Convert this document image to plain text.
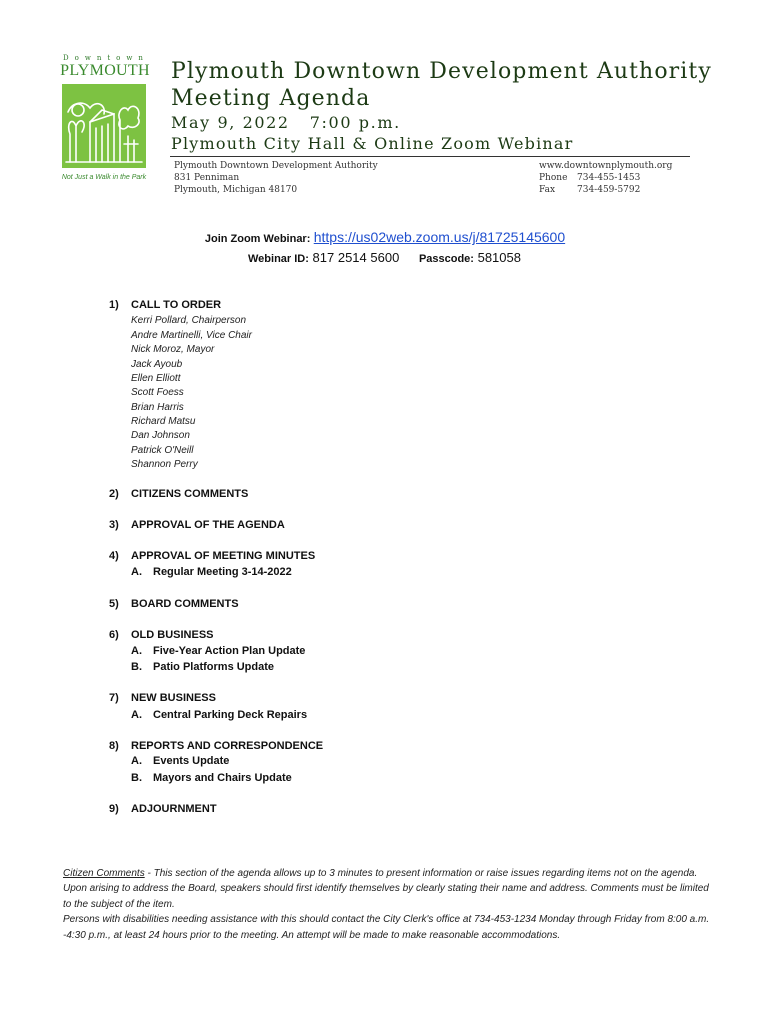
Downtown
PLYMOUTH
Not Just a Walk in the Park
Plymouth Downtown Development Authority
Meeting Agenda
May 9, 2022 7:00 p.m.
Plymouth City Hall & Online Zoom Webinar
Plymouth Downtown Development Authority
831 Penniman
Plymouth, Michigan 48170
www.downtownplymouth.org
Phone 734-455-1453
Fax 734-459-5792
Join Zoom Webinar: https://us02web.zoom.us/j/81725145600
Webinar ID: 817 2514 5600 Passcode: 581058
1) CALL TO ORDER
Kerri Pollard, Chairperson
Andre Martinelli, Vice Chair
Nick Moroz, Mayor
Jack Ayoub
Ellen Elliott
Scott Foess
Brian Harris
Richard Matsu
Dan Johnson
Patrick O'Neill
Shannon Perry
2) CITIZENS COMMENTS
3) APPROVAL OF THE AGENDA
4) APPROVAL OF MEETING MINUTES
A. Regular Meeting 3-14-2022
5) BOARD COMMENTS
6) OLD BUSINESS
A. Five-Year Action Plan Update
B. Patio Platforms Update
7) NEW BUSINESS
A. Central Parking Deck Repairs
8) REPORTS AND CORRESPONDENCE
A. Events Update
B. Mayors and Chairs Update
9) ADJOURNMENT
Citizen Comments - This section of the agenda allows up to 3 minutes to present information or raise issues regarding items not on the agenda. Upon arising to address the Board, speakers should first identify themselves by clearly stating their name and address. Comments must be limited to the subject of the item.
Persons with disabilities needing assistance with this should contact the City Clerk's office at 734-453-1234 Monday through Friday from 8:00 a.m. -4:30 p.m., at least 24 hours prior to the meeting. An attempt will be made to make reasonable accommodations.
